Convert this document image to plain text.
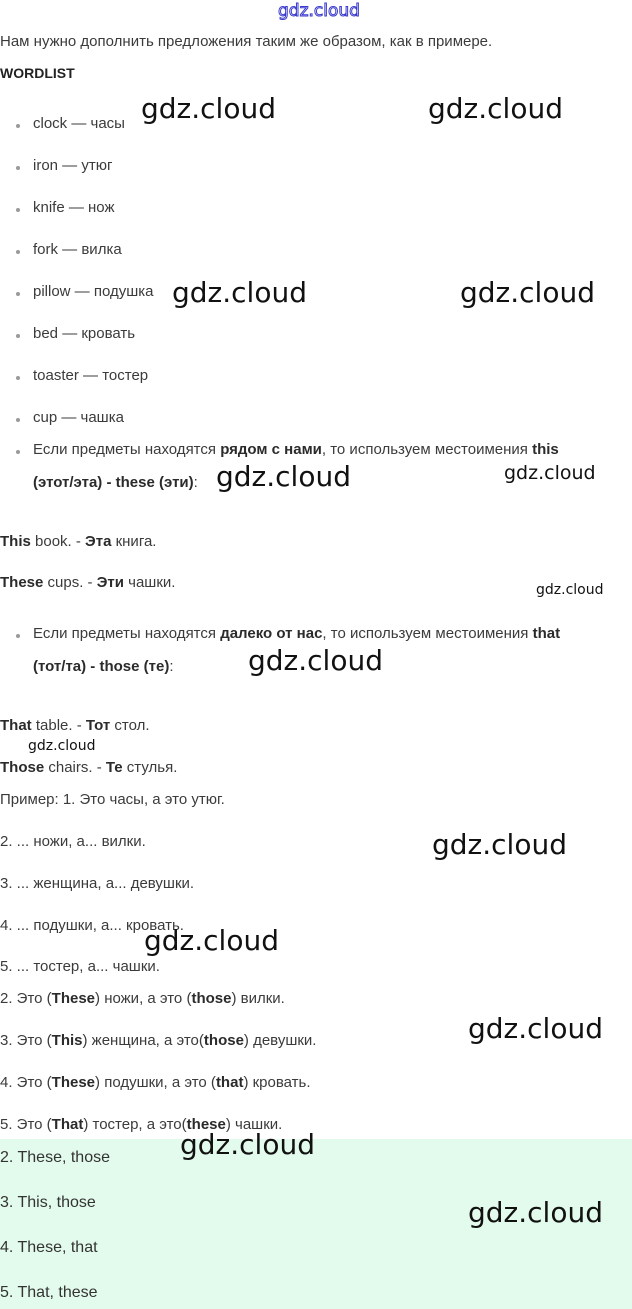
gdz.cloud
Нам нужно дополнить предложения таким же образом, как в примере.
WORDLIST
clock — часы
iron — утюг
knife — нож
fork — вилка
pillow — подушка
bed — кровать
toaster — тостер
cup — чашка
Если предметы находятся рядом с нами, то используем местоимения this
(этот/эта) - these (эти):
This book. - Эта книга.
These cups. - Эти чашки.
Если предметы находятся далеко от нас, то используем местоимения that
(тот/та) - those (те):
That table. - Тот стол.
Those chairs. - Те стулья.
Пример: 1. Это часы, а это утюг.
2. ... ножи, а... вилки.
3. ... женщина, а... девушки.
4. ... подушки, а... кровать.
5. ... тостер, а... чашки.
2. Это (These) ножи, а это (those) вилки.
3. Это (This) женщина, а это(those) девушки.
4. Это (These) подушки, а это (that) кровать.
5. Это (That) тостер, а это(these) чашки.
2. These, those
3. This, those
4. These, that
5. That, these
gdz.cloud	gdz.cloud
gdz.cloud	gdz.cloud
gdz.cloud	gdz.cloud
gdz.cloud
gdz.cloud
gdz.cloud
gdz.cloud
gdz.cloud
gdz.cloud
gdz.cloud
gdz.cloud
